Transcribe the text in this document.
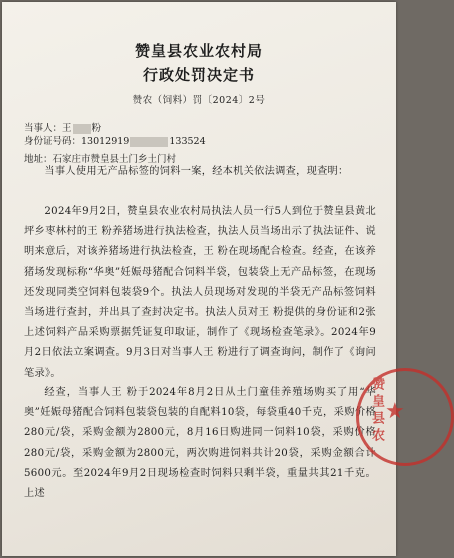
赞皇县农业农村局
行政处罚决定书
赞农（饲料）罚〔2024〕2号
当事人：王 粉
身份证号码：13012919	133524
地址：石家庄市赞皇县土门乡土门村
当事人使用无产品标签的饲料一案，经本机关依法调查，现查明：
2024年9月2日，赞皇县农业农村局执法人员一行5人到位于赞皇县黄北坪乡枣林村的王 粉养猪场进行执法检查，执法人员当场出示了执法证件、说明来意后，对该养猪场进行执法检查，王 粉在现场配合检查。经查，在该养猪场发现标称“华奥”妊娠母猪配合饲料半袋，包装袋上无产品标签，在现场还发现同类空饲料包装袋9个。执法人员现场对发现的半袋无产品标签饲料当场进行查封，并出具了查封决定书。执法人员对王 粉提供的身份证和2张上述饲料产品采购票据凭证复印取证，制作了《现场检查笔录》。2024年9月2日依法立案调查。9月3日对当事人王 粉进行了调查询问，制作了《询问笔录》。
经查，当事人王 粉于2024年8月2日从土门童佳养殖场购买了用“华奥”妊娠母猪配合饲料包装袋包装的自配料10袋，每袋重40千克，采购价格280元/袋，采购金额为2800元，8月16日购进同一饲料10袋，采购价格280元/袋，采购金额为2800元，两次购进饲料共计20袋，采购金额合计5600元。至2024年9月2日现场检查时饲料只剩半袋，重量共其21千克。上述
赞皇县农 ★
